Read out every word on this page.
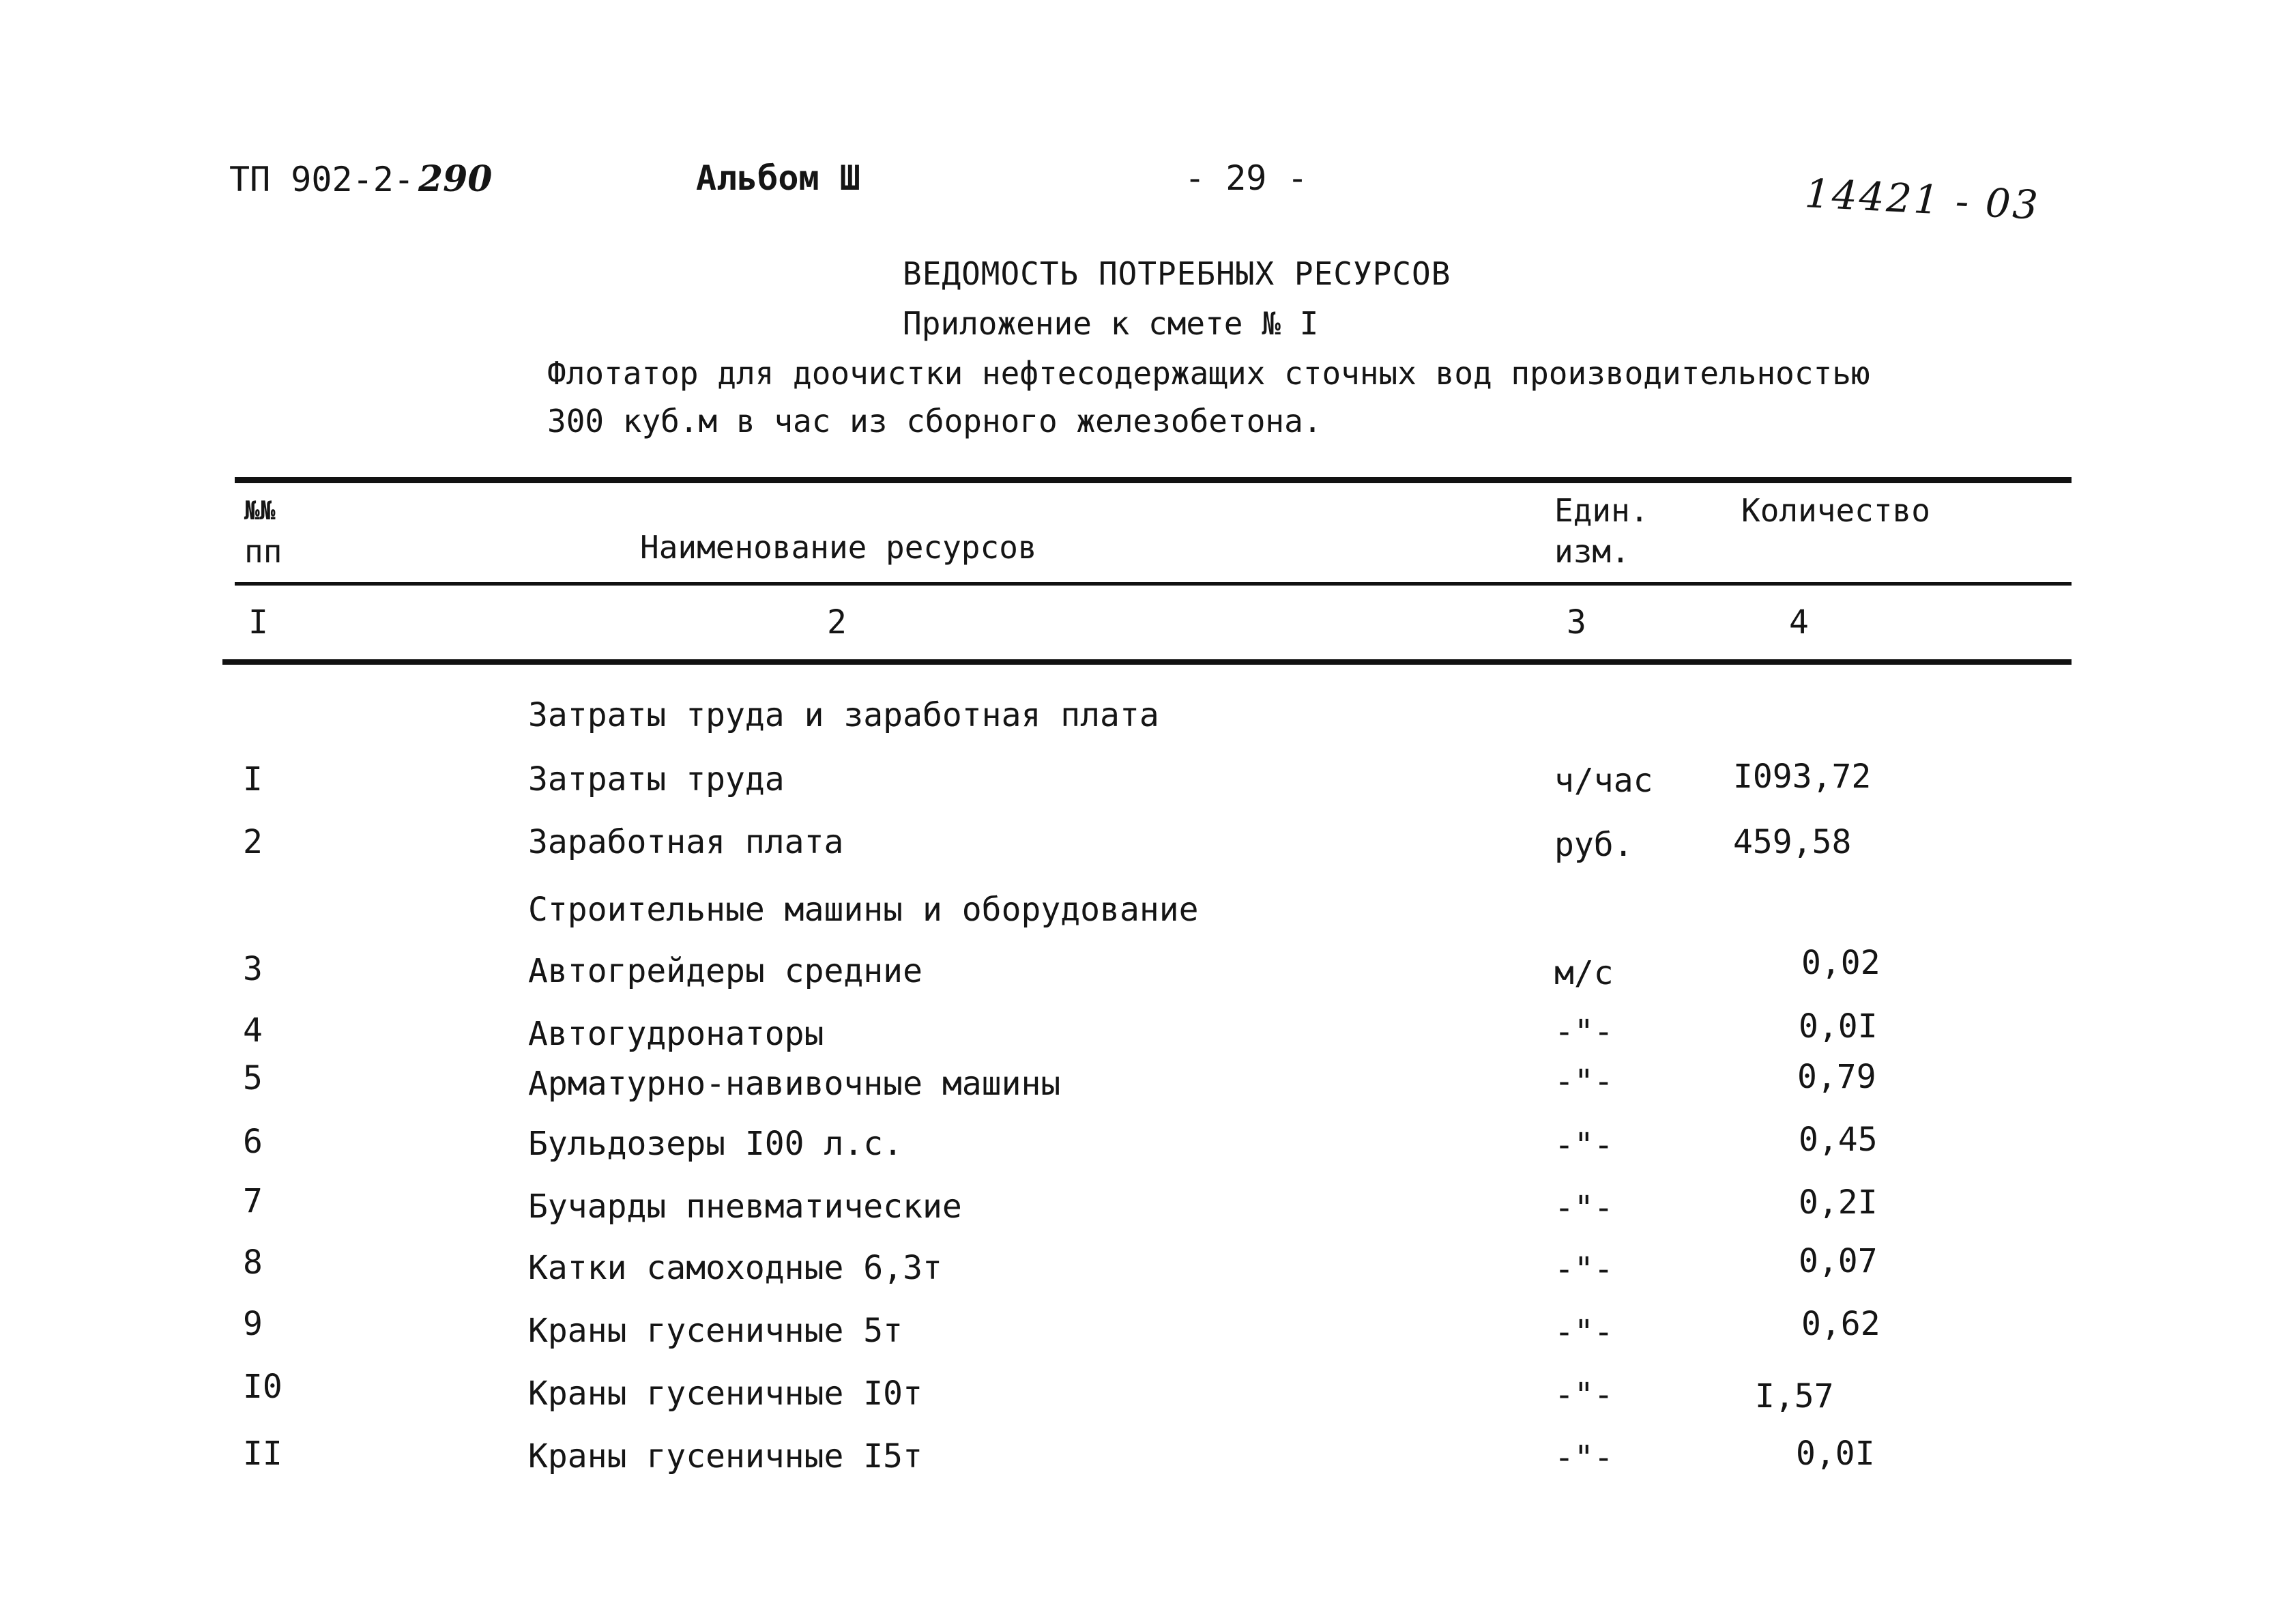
ТП 902-2- 290	Альбом Ш	- 29 -	14421 - 03
ВЕДОМОСТЬ ПОТРЕБНЫХ РЕСУРСОВ
Приложение к смете № I
Флотатор для доочистки нефтесодержащих сточных вод производительностью
300 куб.м в час из сборного железобетона.
№№
пп	Наименование ресурсов
Един.
изм.
Количество
I	2	3	4
Затраты труда и заработная плата
I	Затраты труда	ч/час I093,72
2	Заработная плата	руб.	459,58
Строительные машины и оборудование
3	Автогрейдеры средние	м/с	0,02
4	Автогудронаторы	-"-	0,0I
5	Арматурно-навивочные машины	-"-	0,79
6	Бульдозеры I00 л.с.	-"-	0,45
7	Бучарды пневматические	-"-	0,2I
8	Катки самоходные 6,3т	-"-	0,07
9	Краны гусеничные 5т	-"-	0,62
I0	Краны гусеничные I0т	-"-	I,57
II	Краны гусеничные I5т	-"-	0,0I
